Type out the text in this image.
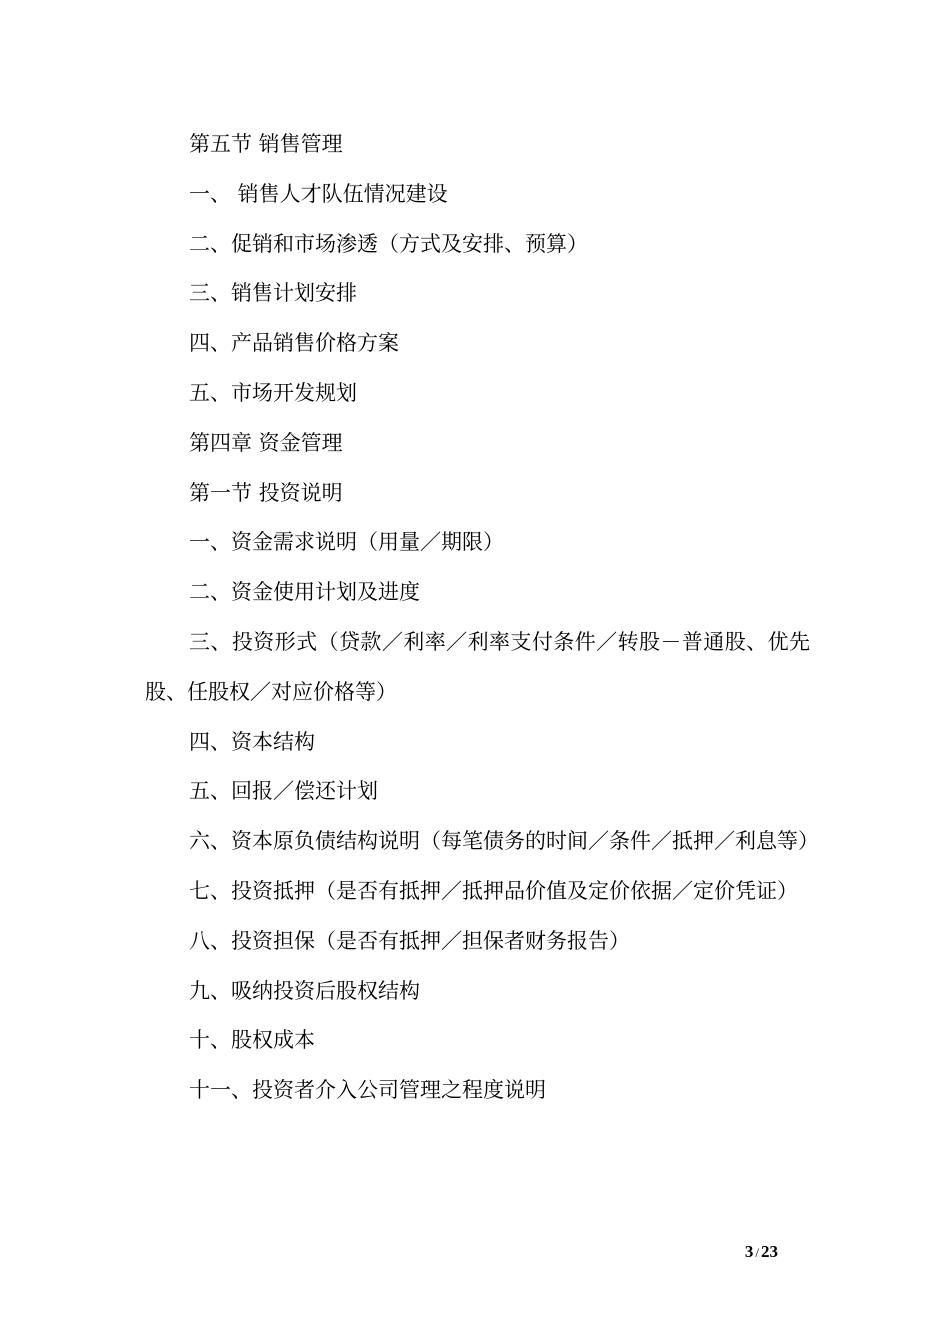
第五节 销售管理

一、 销售人才队伍情况建设

二、促销和市场渗透（方式及安排、预算）

三、销售计划安排

四、产品销售价格方案

五、市场开发规划

第四章 资金管理

第一节 投资说明

一、资金需求说明（用量／期限）

二、资金使用计划及进度

三、投资形式（贷款／利率／利率支付条件／转股－普通股、优先股、任股权／对应价格等）

四、资本结构

五、回报／偿还计划

六、资本原负债结构说明（每笔债务的时间／条件／抵押／利息等）

七、投资抵押（是否有抵押／抵押品价值及定价依据／定价凭证）

八、投资担保（是否有抵押／担保者财务报告）

九、吸纳投资后股权结构

十、股权成本

十一、投资者介入公司管理之程度说明

3 / 23
